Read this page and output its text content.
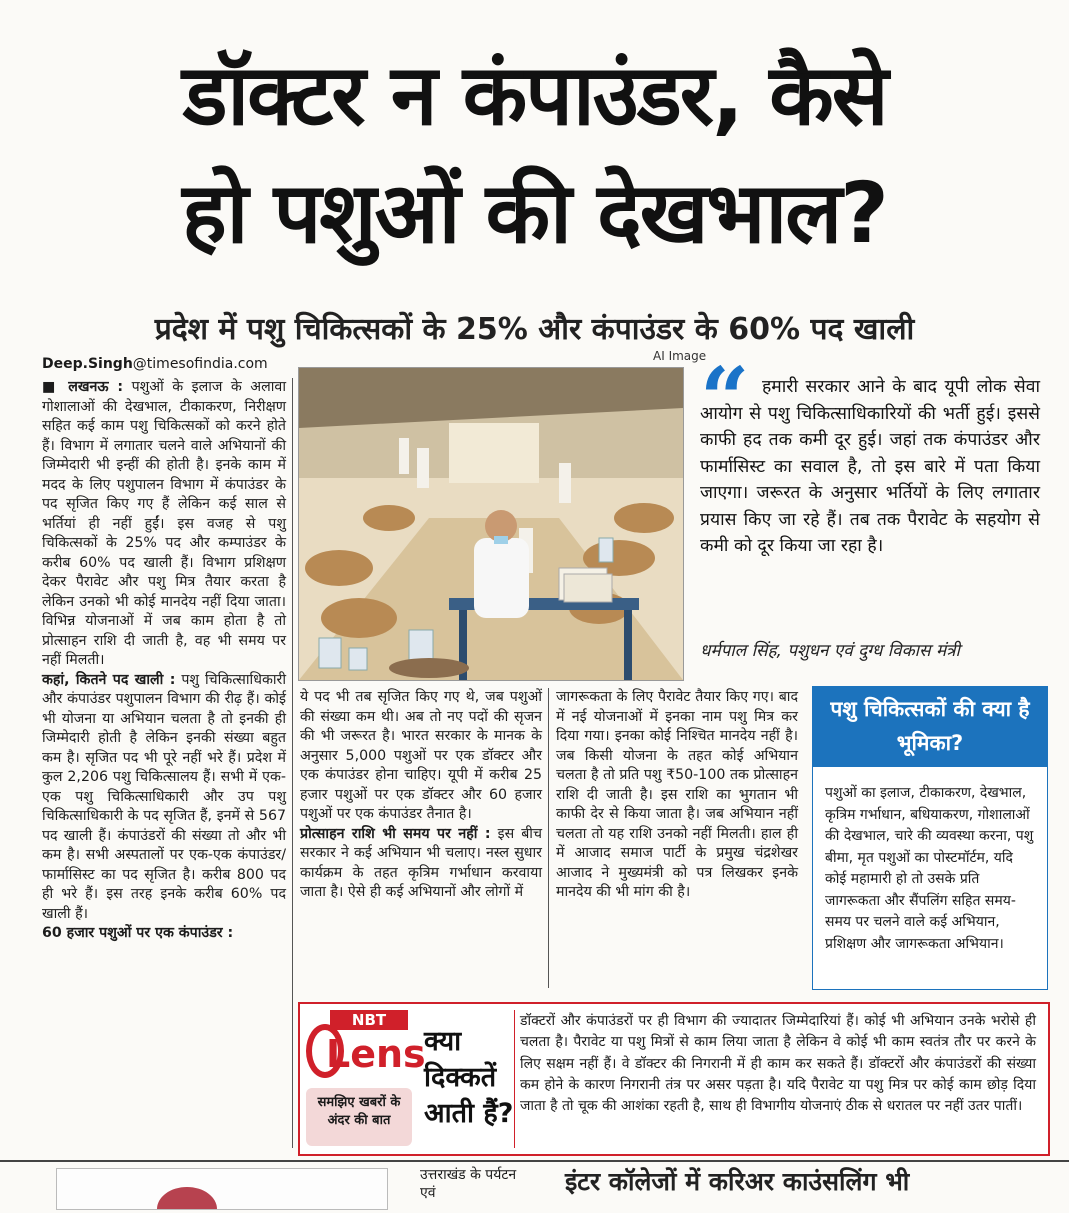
डॉक्टर न कंपाउंडर, कैसे
हो पशुओं की देखभाल?
प्रदेश में पशु चिकित्सकों के 25% और कंपाउंडर के 60% पद खाली
Deep.Singh@timesofindia.com
■ लखनऊ : पशुओं के इलाज के अलावा गोशालाओं की देखभाल, टीकाकरण, निरीक्षण सहित कई काम पशु चिकित्सकों को करने होते हैं। विभाग में लगातार चलने वाले अभियानों की जिम्मेदारी भी इन्हीं की होती है। इनके काम में मदद के लिए पशुपालन विभाग में कंपाउंडर के पद सृजित किए गए हैं लेकिन कई साल से भर्तियां ही नहीं हुईं। इस वजह से पशु चिकित्सकों के 25% पद और कम्पाउंडर के करीब 60% पद खाली हैं। विभाग प्रशिक्षण देकर पैरावेट और पशु मित्र तैयार करता है लेकिन उनको भी कोई मानदेय नहीं दिया जाता। विभिन्न योजनाओं में जब काम होता है तो प्रोत्साहन राशि दी जाती है, वह भी समय पर नहीं मिलती।
कहां, कितने पद खाली : पशु चिकित्साधिकारी और कंपाउंडर पशुपालन विभाग की रीढ़ हैं। कोई भी योजना या अभियान चलता है तो इनकी ही जिम्मेदारी होती है लेकिन इनकी संख्या बहुत कम है। सृजित पद भी पूरे नहीं भरे हैं। प्रदेश में कुल 2,206 पशु चिकित्सालय हैं। सभी में एक-एक पशु चिकित्साधिकारी और उप पशु चिकित्साधिकारी के पद सृजित हैं, इनमें से 567 पद खाली हैं। कंपाउंडरों की संख्या तो और भी कम है। सभी अस्पतालों पर एक-एक कंपाउंडर/फार्मासिस्ट का पद सृजित है। करीब 800 पद ही भरे हैं। इस तरह इनके करीब 60% पद खाली हैं।
60 हजार पशुओं पर एक कंपाउंडर :
AI Image
ये पद भी तब सृजित किए गए थे, जब पशुओं की संख्या कम थी। अब तो नए पदों की सृजन की भी जरूरत है। भारत सरकार के मानक के अनुसार 5,000 पशुओं पर एक डॉक्टर और एक कंपाउंडर होना चाहिए। यूपी में करीब 25 हजार पशुओं पर एक डॉक्टर और 60 हजार पशुओं पर एक कंपाउंडर तैनात है।
प्रोत्साहन राशि भी समय पर नहीं : इस बीच सरकार ने कई अभियान भी चलाए। नस्ल सुधार कार्यक्रम के तहत कृत्रिम गर्भाधान करवाया जाता है। ऐसे ही कई अभियानों और लोगों में
जागरूकता के लिए पैरावेट तैयार किए गए। बाद में नई योजनाओं में इनका नाम पशु मित्र कर दिया गया। इनका कोई निश्चित मानदेय नहीं है। जब किसी योजना के तहत कोई अभियान चलता है तो प्रति पशु ₹50-100 तक प्रोत्साहन राशि दी जाती है। इस राशि का भुगतान भी काफी देर से किया जाता है। जब अभियान नहीं चलता तो यह राशि उनको नहीं मिलती। हाल ही में आजाद समाज पार्टी के प्रमुख चंद्रशेखर आजाद ने मुख्यमंत्री को पत्र लिखकर इनके मानदेय की भी मांग की है।
“ हमारी सरकार आने के बाद यूपी लोक सेवा आयोग से पशु चिकित्साधिकारियों की भर्ती हुई। इससे काफी हद तक कमी दूर हुई। जहां तक कंपाउंडर और फार्मासिस्ट का सवाल है, तो इस बारे में पता किया जाएगा। जरूरत के अनुसार भर्तियों के लिए लगातार प्रयास किए जा रहे हैं। तब तक पैरावेट के सहयोग से कमी को दूर किया जा रहा है।
धर्मपाल सिंह, पशुधन एवं दुग्ध विकास मंत्री
पशु चिकित्सकों की क्या है भूमिका?
पशुओं का इलाज, टीकाकरण, देखभाल, कृत्रिम गर्भाधान, बधियाकरण, गोशालाओं की देखभाल, चारे की व्यवस्था करना, पशु बीमा, मृत पशुओं का पोस्टमॉर्टम, यदि कोई महामारी हो तो उसके प्रति जागरूकता और सैंपलिंग सहित समय-समय पर चलने वाले कई अभियान, प्रशिक्षण और जागरूकता अभियान।
NBT
Lens
समझिए खबरों के अंदर की बात
क्या दिक्कतें आती हैं?
डॉक्टरों और कंपाउंडरों पर ही विभाग की ज्यादातर जिम्मेदारियां हैं। कोई भी अभियान उनके भरोसे ही चलता है। पैरावेट या पशु मित्रों से काम लिया जाता है लेकिन वे कोई भी काम स्वतंत्र तौर पर करने के लिए सक्षम नहीं हैं। वे डॉक्टर की निगरानी में ही काम कर सकते हैं। डॉक्टरों और कंपाउंडरों की संख्या कम होने के कारण निगरानी तंत्र पर असर पड़ता है। यदि पैरावेट या पशु मित्र पर कोई काम छोड़ दिया जाता है तो चूक की आशंका रहती है, साथ ही विभागीय योजनाएं ठीक से धरातल पर नहीं उतर पातीं।
उत्तराखंड के पर्यटन एवं	इंटर कॉलेजों में करिअर काउंसलिंग भी
